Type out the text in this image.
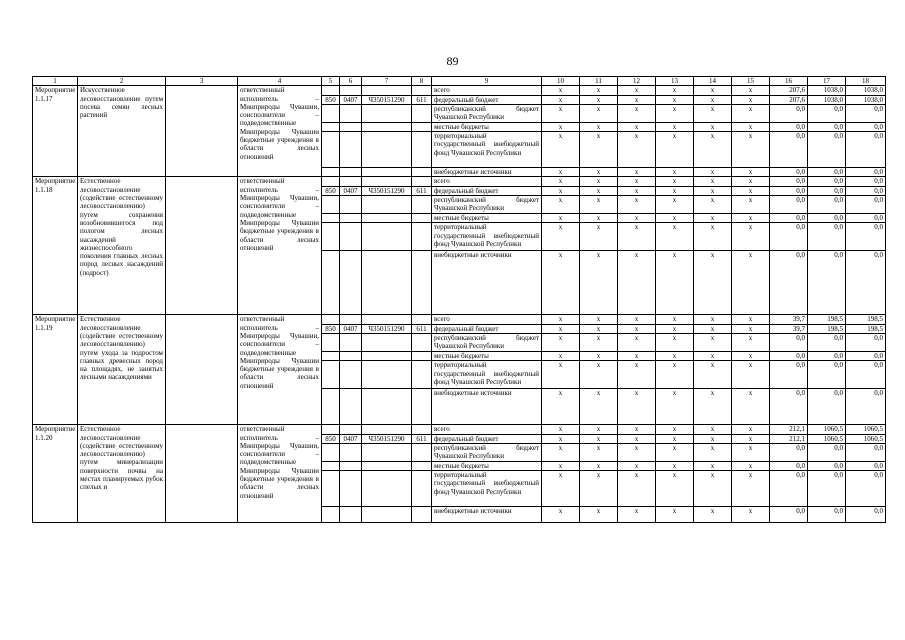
89
1	2	3	4	5	6	7	8	9	10	11	12	13	14	15	16	17	18
Мероприятие 1.1.17	Искусственное лесовосстановление путем посева семян лесных растений		ответственный исполнитель – Минприроды Чувашии, соисполнители – подведомственные Минприроды Чувашии бюджетные учреждения в области лесных отношений					всего	x	x	x	x	x	x	207,6	1038,0	1038,0
				850	0407	Ч350151290	611	федеральный бюджет	x	x	x	x	x	x	207,6	1038,0	1038,0
								республиканский бюджет Чувашской Республики	x	x	x	x	x	x	0,0	0,0	0,0
								местные бюджеты	x	x	x	x	x	x	0,0	0,0	0,0
								территориальный государственный внебюджетный фонд Чувашской Республики	x	x	x	x	x	x	0,0	0,0	0,0
								внебюджетные источники	x	x	x	x	x	x	0,0	0,0	0,0
Мероприятие 1.1.18	Естественное лесовосстановление (содействие естественному лесовосстановлению) путем сохранения возобновившегося под пологом лесных насаждений жизнеспособного поколения главных лесных пород лесных насаждений (подрост)		ответственный исполнитель – Минприроды Чувашии, соисполнители – подведомственные Минприроды Чувашии бюджетные учреждения в области лесных отношений					всего	x	x	x	x	x	x	0,0	0,0	0,0
				850	0407	Ч350151290	611	федеральный бюджет	x	x	x	x	x	x	0,0	0,0	0,0
								республиканский бюджет Чувашской Республики	x	x	x	x	x	x	0,0	0,0	0,0
								местные бюджеты	x	x	x	x	x	x	0,0	0,0	0,0
								территориальный государственный внебюджетный фонд Чувашской Республики	x	x	x	x	x	x	0,0	0,0	0,0
								внебюджетные источники	x	x	x	x	x	x	0,0	0,0	0,0
Мероприятие 1.1.19	Естественное лесовосстановление (содействие естественному лесовосстановлению) путем ухода за подростом главных древесных пород на площадях, не занятых лесными насаждениями		ответственный исполнитель – Минприроды Чувашии, соисполнители – подведомственные Минприроды Чувашии бюджетные учреждения в области лесных отношений					всего	x	x	x	x	x	x	39,7	198,5	198,5
				850	0407	Ч350151290	611	федеральный бюджет	x	x	x	x	x	x	39,7	198,5	198,5
								республиканский бюджет Чувашской Республики	x	x	x	x	x	x	0,0	0,0	0,0
								местные бюджеты	x	x	x	x	x	x	0,0	0,0	0,0
								территориальный государственный внебюджетный фонд Чувашской Республики	x	x	x	x	x	x	0,0	0,0	0,0
								внебюджетные источники	x	x	x	x	x	x	0,0	0,0	0,0
Мероприятие 1.1.20	Естественное лесовосстановление (содействие естественному лесовосстановлению) путем минерализации поверхности почвы на местах планируемых рубок спелых и		ответственный исполнитель – Минприроды Чувашии, соисполнители – подведомственные Минприроды Чувашии бюджетные учреждения в области лесных отношений					всего	x	x	x	x	x	x	212,1	1060,5	1060,5
				850	0407	Ч350151290	611	федеральный бюджет	x	x	x	x	x	x	212,1	1060,5	1060,5
								республиканский бюджет Чувашской Республики	x	x	x	x	x	x	0,0	0,0	0,0
								местные бюджеты	x	x	x	x	x	x	0,0	0,0	0,0
								территориальный государственный внебюджетный фонд Чувашской Республики	x	x	x	x	x	x	0,0	0,0	0,0
								внебюджетные источники	x	x	x	x	x	x	0,0	0,0	0,0
